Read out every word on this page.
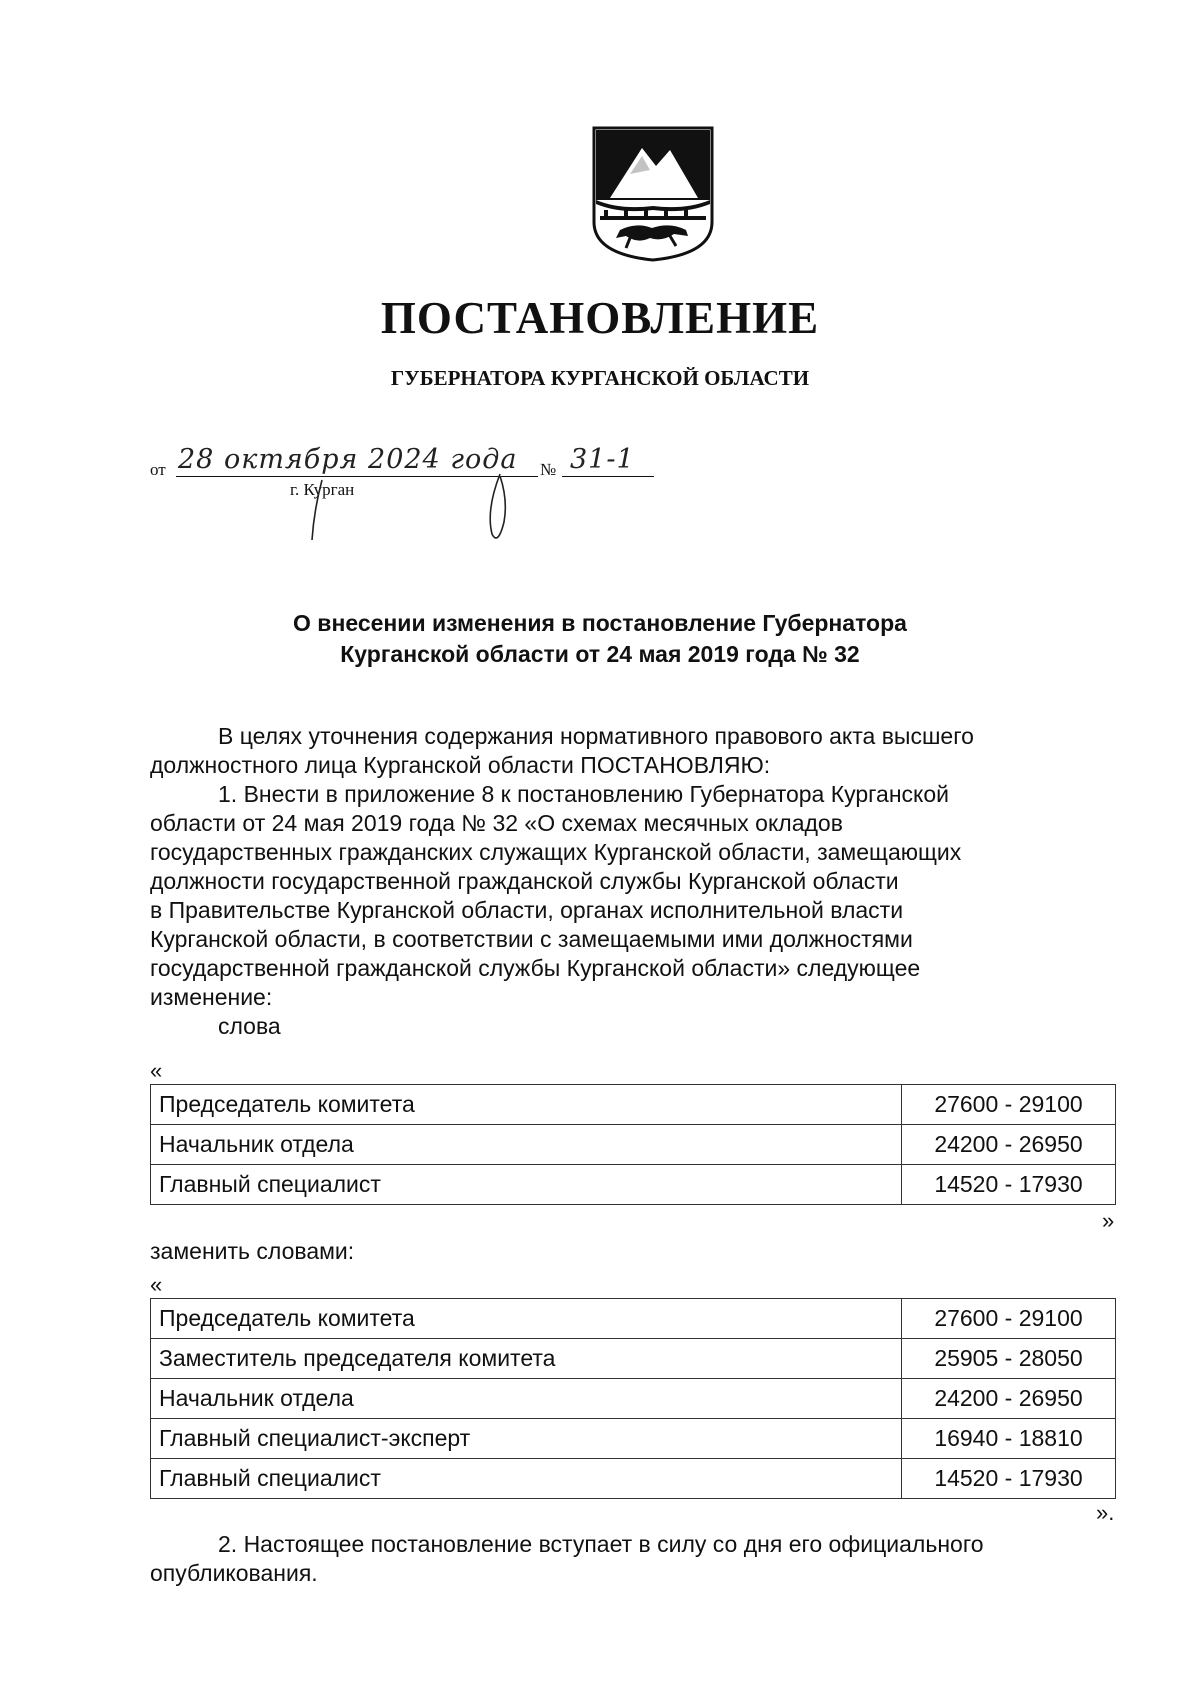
ПОСТАНОВЛЕНИЕ
ГУБЕРНАТОРА КУРГАНСКОЙ ОБЛАСТИ
от 28 октября 2024 года № 31-1
г. Курган
О внесении изменения в постановление Губернатора
Курганской области от 24 мая 2019 года № 32
В целях уточнения содержания нормативного правового акта высшего
должностного лица Курганской области ПОСТАНОВЛЯЮ:
1. Внести в приложение 8 к постановлению Губернатора Курганской
области от 24 мая 2019 года № 32 «О схемах месячных окладов
государственных гражданских служащих Курганской области, замещающих
должности государственной гражданской службы Курганской области
в Правительстве Курганской области, органах исполнительной власти
Курганской области, в соответствии с замещаемыми ими должностями
государственной гражданской службы Курганской области» следующее
изменение:
слова
«
Председатель комитета	27600 - 29100
Начальник отдела	24200 - 26950
Главный специалист	14520 - 17930
»
заменить словами:
«
Председатель комитета	27600 - 29100
Заместитель председателя комитета	25905 - 28050
Начальник отдела	24200 - 26950
Главный специалист-эксперт	16940 - 18810
Главный специалист	14520 - 17930
».
2. Настоящее постановление вступает в силу со дня его официального
опубликования.
